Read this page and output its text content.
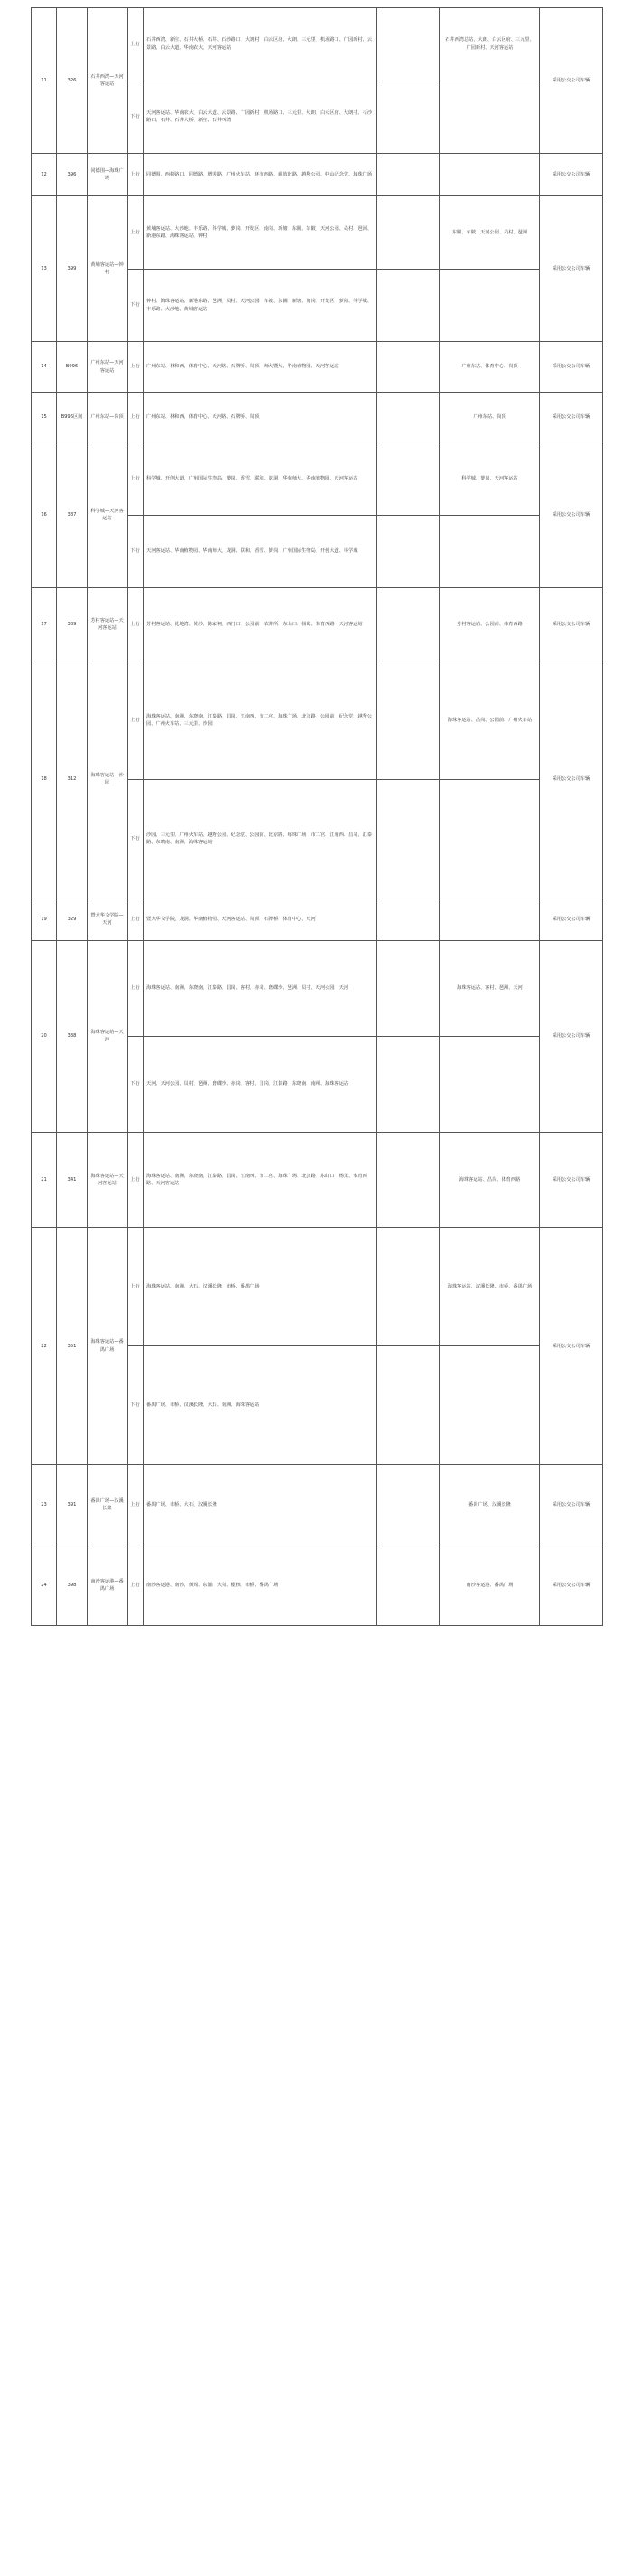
11	326	石井西湾—天河客运站	上行	石井西湾、新庄、石井大桥、石井、石沙路口、大朗村、白云区府、大朗、三元里、机场路口、广园新村、云景路、白云大道、华南农大、天河客运站		石井西湾总站、大朗、白云区府、三元里、广园新村、天河客运站	采用公交公司车辆
			下行	天河客运站、华南农大、白云大道、云景路、广园新村、机场路口、三元里、大朗、白云区府、大朗村、石沙路口、石井、石井大桥、新庄、石井西湾			
12	396	同德围—海珠广场	上行	同德围、西槎路口、同德路、增槎路、广州火车站、环市西路、解放北路、越秀公园、中山纪念堂、海珠广场			采用公交公司车辆
13	399	黄埔客运站—钟村	上行	黄埔客运站、大沙地、丰乐路、科学城、萝岗、开发区、南岗、新塘、东圃、车陂、天河公园、员村、琶洲、新港东路、海珠客运站、钟村		东圃、车陂、天河公园、员村、琶洲	采用公交公司车辆
			下行	钟村、海珠客运站、新港东路、琶洲、员村、天河公园、车陂、东圃、新塘、南岗、开发区、萝岗、科学城、丰乐路、大沙地、黄埔客运站			
14	B996	广州东站—天河客运站	上行	广州东站、林和西、体育中心、天河路、石牌桥、岗顶、师大暨大、华南植物园、天河客运站		广州东站、体育中心、岗顶	采用公交公司车辆
15	B996区间	广州东站—岗顶	上行	广州东站、林和西、体育中心、天河路、石牌桥、岗顶		广州东站、岗顶	采用公交公司车辆
16	387	科学城—天河客运站	上行	科学城、开创大道、广州国际生物岛、萝岗、香雪、联和、龙洞、华南师大、华南植物园、天河客运站		科学城、萝岗、天河客运站	采用公交公司车辆
			下行	天河客运站、华南植物园、华南师大、龙洞、联和、香雪、萝岗、广州国际生物岛、开创大道、科学城			
17	389	芳村客运站—天河客运站	上行	芳村客运站、花地湾、黄沙、陈家祠、西门口、公园前、农讲所、东山口、杨箕、体育西路、天河客运站		芳村客运站、公园前、体育西路	采用公交公司车辆
18	312	海珠客运站—沙园	上行	海珠客运站、南洲、东晓南、江泰路、昌岗、江南西、市二宫、海珠广场、北京路、公园前、纪念堂、越秀公园、广州火车站、三元里、沙园		海珠客运站、昌岗、公园前、广州火车站	采用公交公司车辆
			下行	沙园、三元里、广州火车站、越秀公园、纪念堂、公园前、北京路、海珠广场、市二宫、江南西、昌岗、江泰路、东晓南、南洲、海珠客运站			
19	329	暨大华文学院—天河	上行	暨大华文学院、龙洞、华南植物园、天河客运站、岗顶、石牌桥、体育中心、天河			采用公交公司车辆
20	338	海珠客运站—天河	上行	海珠客运站、南洲、东晓南、江泰路、昌岗、客村、赤岗、磨碟沙、琶洲、员村、天河公园、天河		海珠客运站、客村、琶洲、天河	采用公交公司车辆
			下行	天河、天河公园、员村、琶洲、磨碟沙、赤岗、客村、昌岗、江泰路、东晓南、南洲、海珠客运站			
21	341	海珠客运站—天河客运站	上行	海珠客运站、南洲、东晓南、江泰路、昌岗、江南西、市二宫、海珠广场、北京路、东山口、杨箕、体育西路、天河客运站		海珠客运站、昌岗、体育西路	采用公交公司车辆
22	351	海珠客运站—番禺广场	上行	海珠客运站、南洲、大石、汉溪长隆、市桥、番禺广场		海珠客运站、汉溪长隆、市桥、番禺广场	采用公交公司车辆
			下行	番禺广场、市桥、汉溪长隆、大石、南洲、海珠客运站			
23	391	番禺广场—汉溪长隆	上行	番禺广场、市桥、大石、汉溪长隆		番禺广场、汉溪长隆	采用公交公司车辆
24	398	南沙客运港—番禺广场	上行	南沙客运港、南沙、黄阁、东涌、大岗、榄核、市桥、番禺广场		南沙客运港、番禺广场	采用公交公司车辆
